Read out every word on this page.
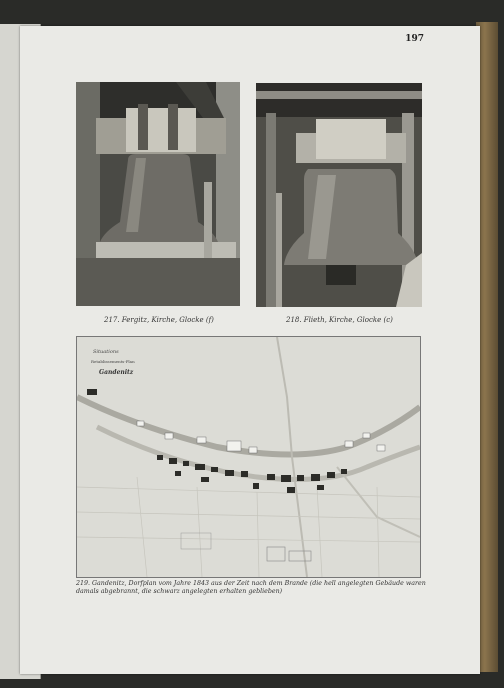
197
217. Fergitz, Kirche, Glocke (f)	218. Flieth, Kirche, Glocke (c)
Situations
Retablissements-Plan
Gandenitz
219. Gandenitz, Dorfplan vom Jahre 1843 aus der Zeit nach dem Brande (die hell angelegten Gebäude waren damals abgebrannt, die schwarz angelegten erhalten geblieben)
